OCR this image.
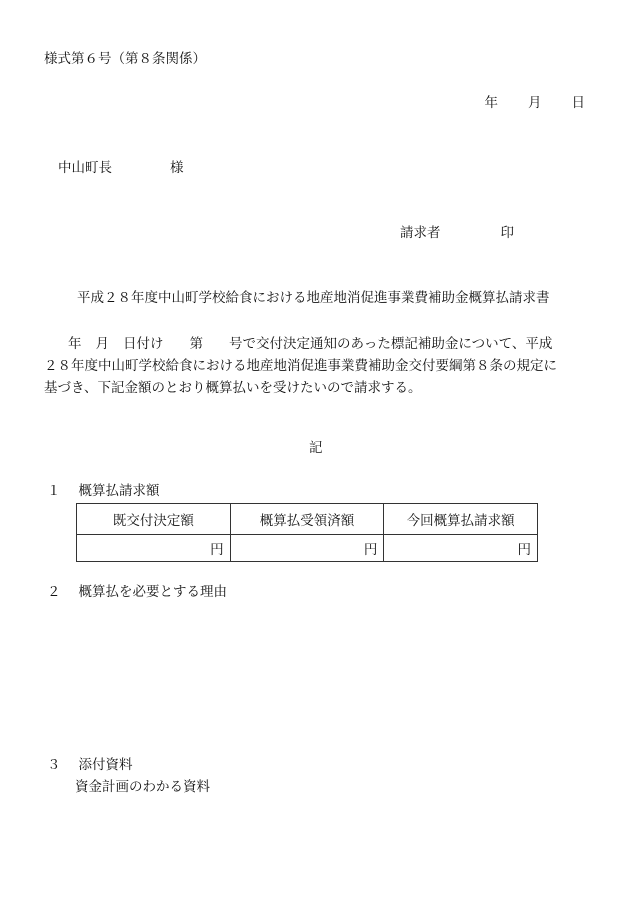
様式第６号（第８条関係）
年 月 日
中山町長	様
請求者	印
平成２８年度中山町学校給食における地産地消促進事業費補助金概算払請求書
年 月 日付け 第 号で交付決定通知のあった標記補助金について、平成
２８年度中山町学校給食における地産地消促進事業費補助金交付要綱第８条の規定に
基づき、下記金額のとおり概算払いを受けたいので請求する。
記
１ 概算払請求額
既交付決定額	概算払受領済額	今回概算払請求額
円	円	円
２ 概算払を必要とする理由
３ 添付資料
資金計画のわかる資料
